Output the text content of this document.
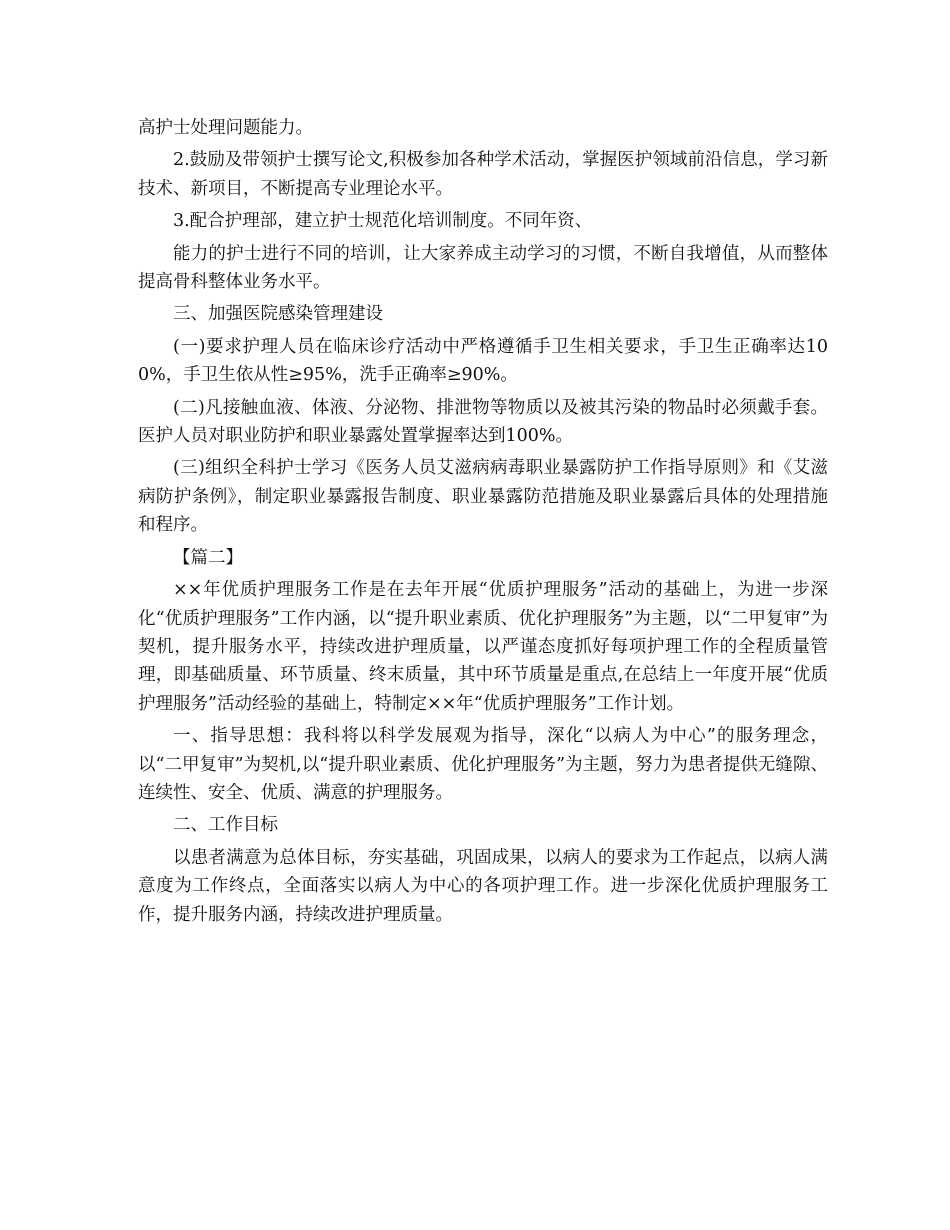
高护士处理问题能力。

2.鼓励及带领护士撰写论文,积极参加各种学术活动，掌握医护领域前沿信息，学习新技术、新项目，不断提高专业理论水平。

3.配合护理部，建立护士规范化培训制度。不同年资、

能力的护士进行不同的培训，让大家养成主动学习的习惯，不断自我增值，从而整体提高骨科整体业务水平。

三、加强医院感染管理建设

(一)要求护理人员在临床诊疗活动中严格遵循手卫生相关要求，手卫生正确率达100%，手卫生依从性≥95%，洗手正确率≥90%。

(二)凡接触血液、体液、分泌物、排泄物等物质以及被其污染的物品时必须戴手套。医护人员对职业防护和职业暴露处置掌握率达到100%。

(三)组织全科护士学习《医务人员艾滋病病毒职业暴露防护工作指导原则》和《艾滋病防护条例》，制定职业暴露报告制度、职业暴露防范措施及职业暴露后具体的处理措施和程序。

【篇二】

××年优质护理服务工作是在去年开展“优质护理服务”活动的基础上，为进一步深化“优质护理服务”工作内涵，以“提升职业素质、优化护理服务”为主题，以“二甲复审”为契机，提升服务水平，持续改进护理质量，以严谨态度抓好每项护理工作的全程质量管理，即基础质量、环节质量、终末质量，其中环节质量是重点,在总结上一年度开展“优质护理服务”活动经验的基础上，特制定××年“优质护理服务”工作计划。

一、指导思想：我科将以科学发展观为指导，深化“以病人为中心”的服务理念，以“二甲复审”为契机,以“提升职业素质、优化护理服务”为主题，努力为患者提供无缝隙、连续性、安全、优质、满意的护理服务。

二、工作目标

以患者满意为总体目标，夯实基础，巩固成果，以病人的要求为工作起点，以病人满意度为工作终点，全面落实以病人为中心的各项护理工作。进一步深化优质护理服务工作，提升服务内涵，持续改进护理质量。
